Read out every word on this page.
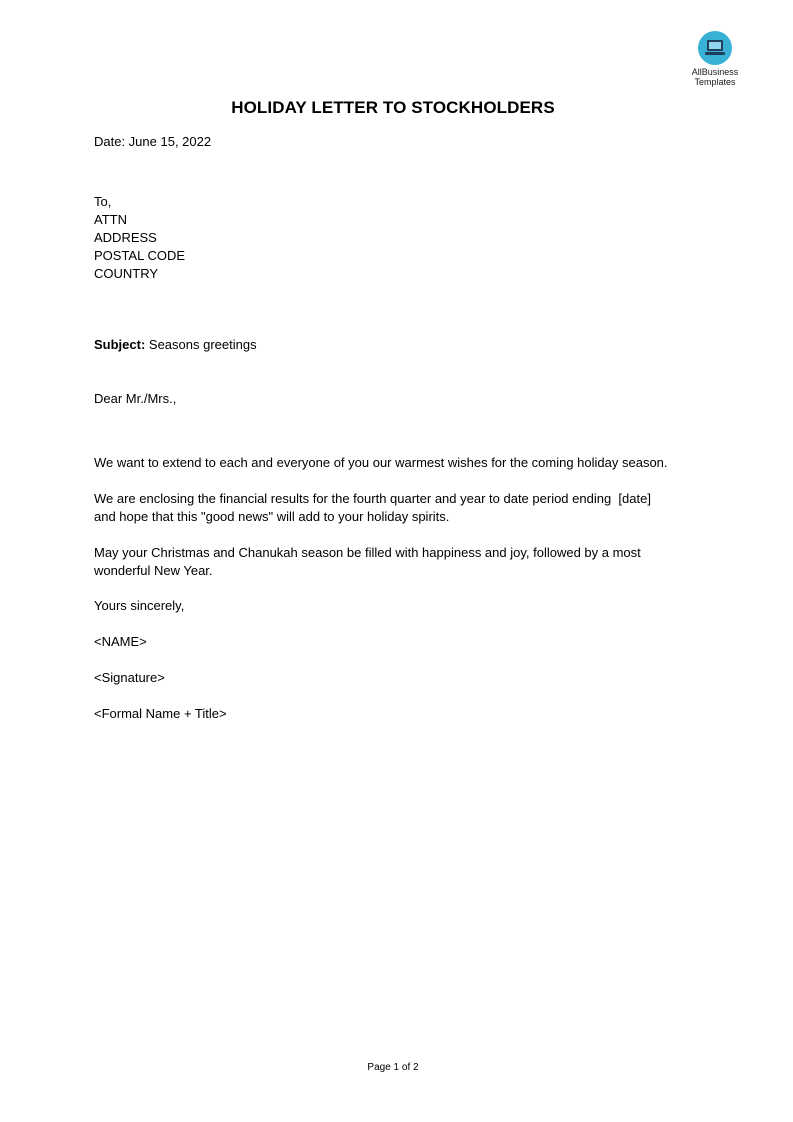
AllBusiness
Templates
HOLIDAY LETTER TO STOCKHOLDERS
Date: June 15, 2022
To,
ATTN
ADDRESS
POSTAL CODE
COUNTRY
Subject: Seasons greetings
Dear Mr./Mrs.,
We want to extend to each and everyone of you our warmest wishes for the coming holiday season.
We are enclosing the financial results for the fourth quarter and year to date period ending  [date]
and hope that this "good news" will add to your holiday spirits.
May your Christmas and Chanukah season be filled with happiness and joy, followed by a most
wonderful New Year.
Yours sincerely,
<NAME>
<Signature>
<Formal Name + Title>
Page 1 of 2
